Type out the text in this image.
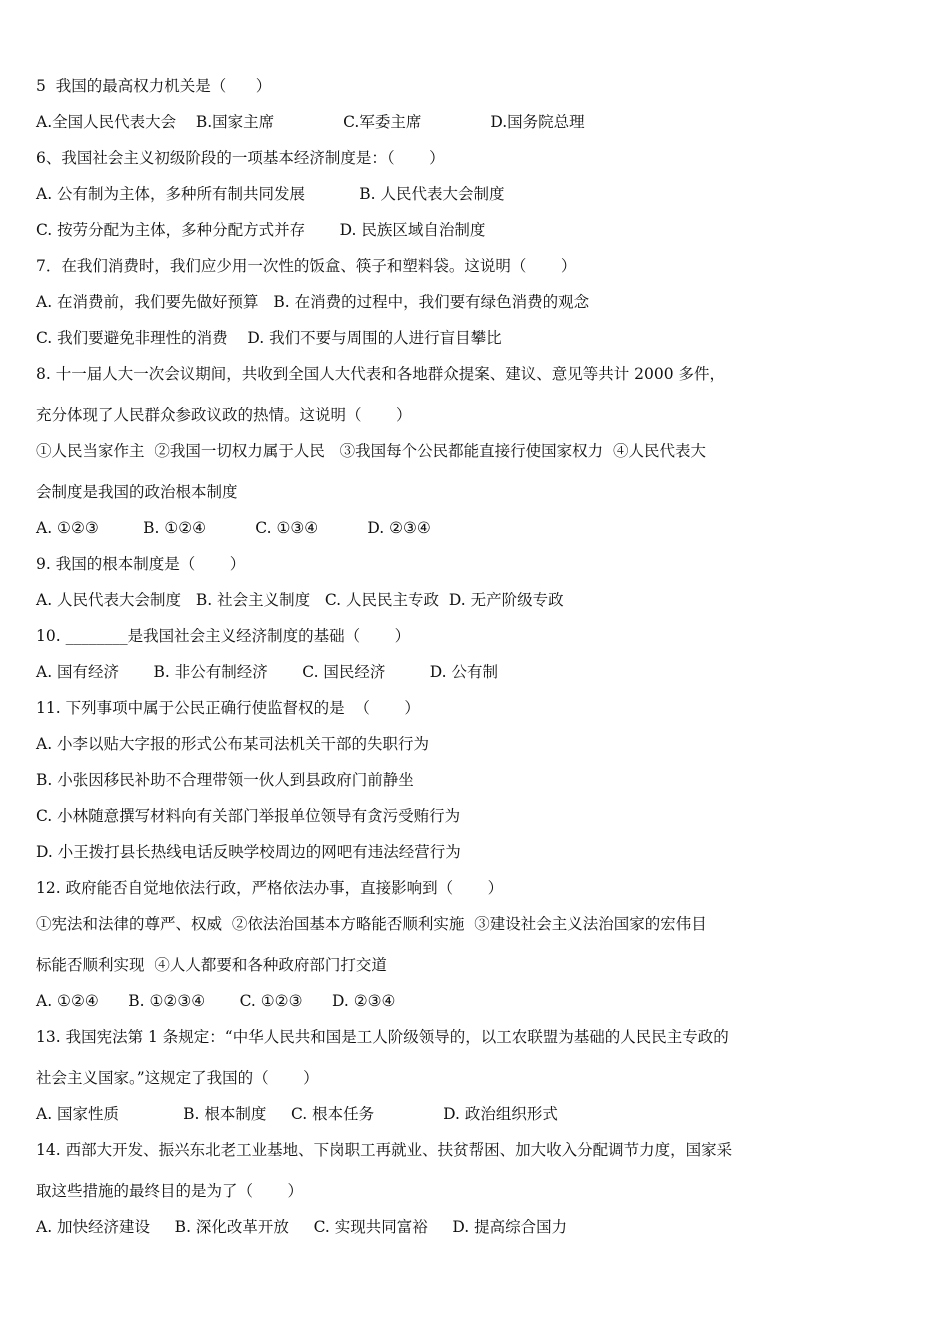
5  我国的最高权力机关是（      ）
A.全国人民代表大会    B.国家主席              C.军委主席              D.国务院总理
6、我国社会主义初级阶段的一项基本经济制度是：（       ）
A. 公有制为主体，多种所有制共同发展           B. 人民代表大会制度
C. 按劳分配为主体，多种分配方式并存       D. 民族区域自治制度
7．在我们消费时，我们应少用一次性的饭盒、筷子和塑料袋。这说明（       ）
A. 在消费前，我们要先做好预算   B. 在消费的过程中，我们要有绿色消费的观念
C. 我们要避免非理性的消费    D. 我们不要与周围的人进行盲目攀比
8. 十一届人大一次会议期间，共收到全国人大代表和各地群众提案、建议、意见等共计 2000 多件，
充分体现了人民群众参政议政的热情。这说明（       ）
①人民当家作主  ②我国一切权力属于人民   ③我国每个公民都能直接行使国家权力  ④人民代表大
会制度是我国的政治根本制度
A. ①②③         B. ①②④          C. ①③④          D. ②③④
9. 我国的根本制度是（       ）
A. 人民代表大会制度   B. 社会主义制度   C. 人民民主专政  D. 无产阶级专政
10. ________是我国社会主义经济制度的基础（       ）
A. 国有经济       B. 非公有制经济       C. 国民经济         D. 公有制
11. 下列事项中属于公民正确行使监督权的是  （       ）
A. 小李以贴大字报的形式公布某司法机关干部的失职行为
B. 小张因移民补助不合理带领一伙人到县政府门前静坐
C. 小林随意撰写材料向有关部门举报单位领导有贪污受贿行为
D. 小王拨打县长热线电话反映学校周边的网吧有违法经营行为
12. 政府能否自觉地依法行政，严格依法办事，直接影响到（       ）
①宪法和法律的尊严、权威  ②依法治国基本方略能否顺利实施  ③建设社会主义法治国家的宏伟目
标能否顺利实现  ④人人都要和各种政府部门打交道
A. ①②④      B. ①②③④       C. ①②③      D. ②③④
13. 我国宪法第 1 条规定：“中华人民共和国是工人阶级领导的，以工农联盟为基础的人民民主专政的
社会主义国家。”这规定了我国的（       ）
A. 国家性质             B. 根本制度     C. 根本任务              D. 政治组织形式
14. 西部大开发、振兴东北老工业基地、下岗职工再就业、扶贫帮困、加大收入分配调节力度，国家采
取这些措施的最终目的是为了（       ）
A. 加快经济建设     B. 深化改革开放     C. 实现共同富裕     D. 提高综合国力
